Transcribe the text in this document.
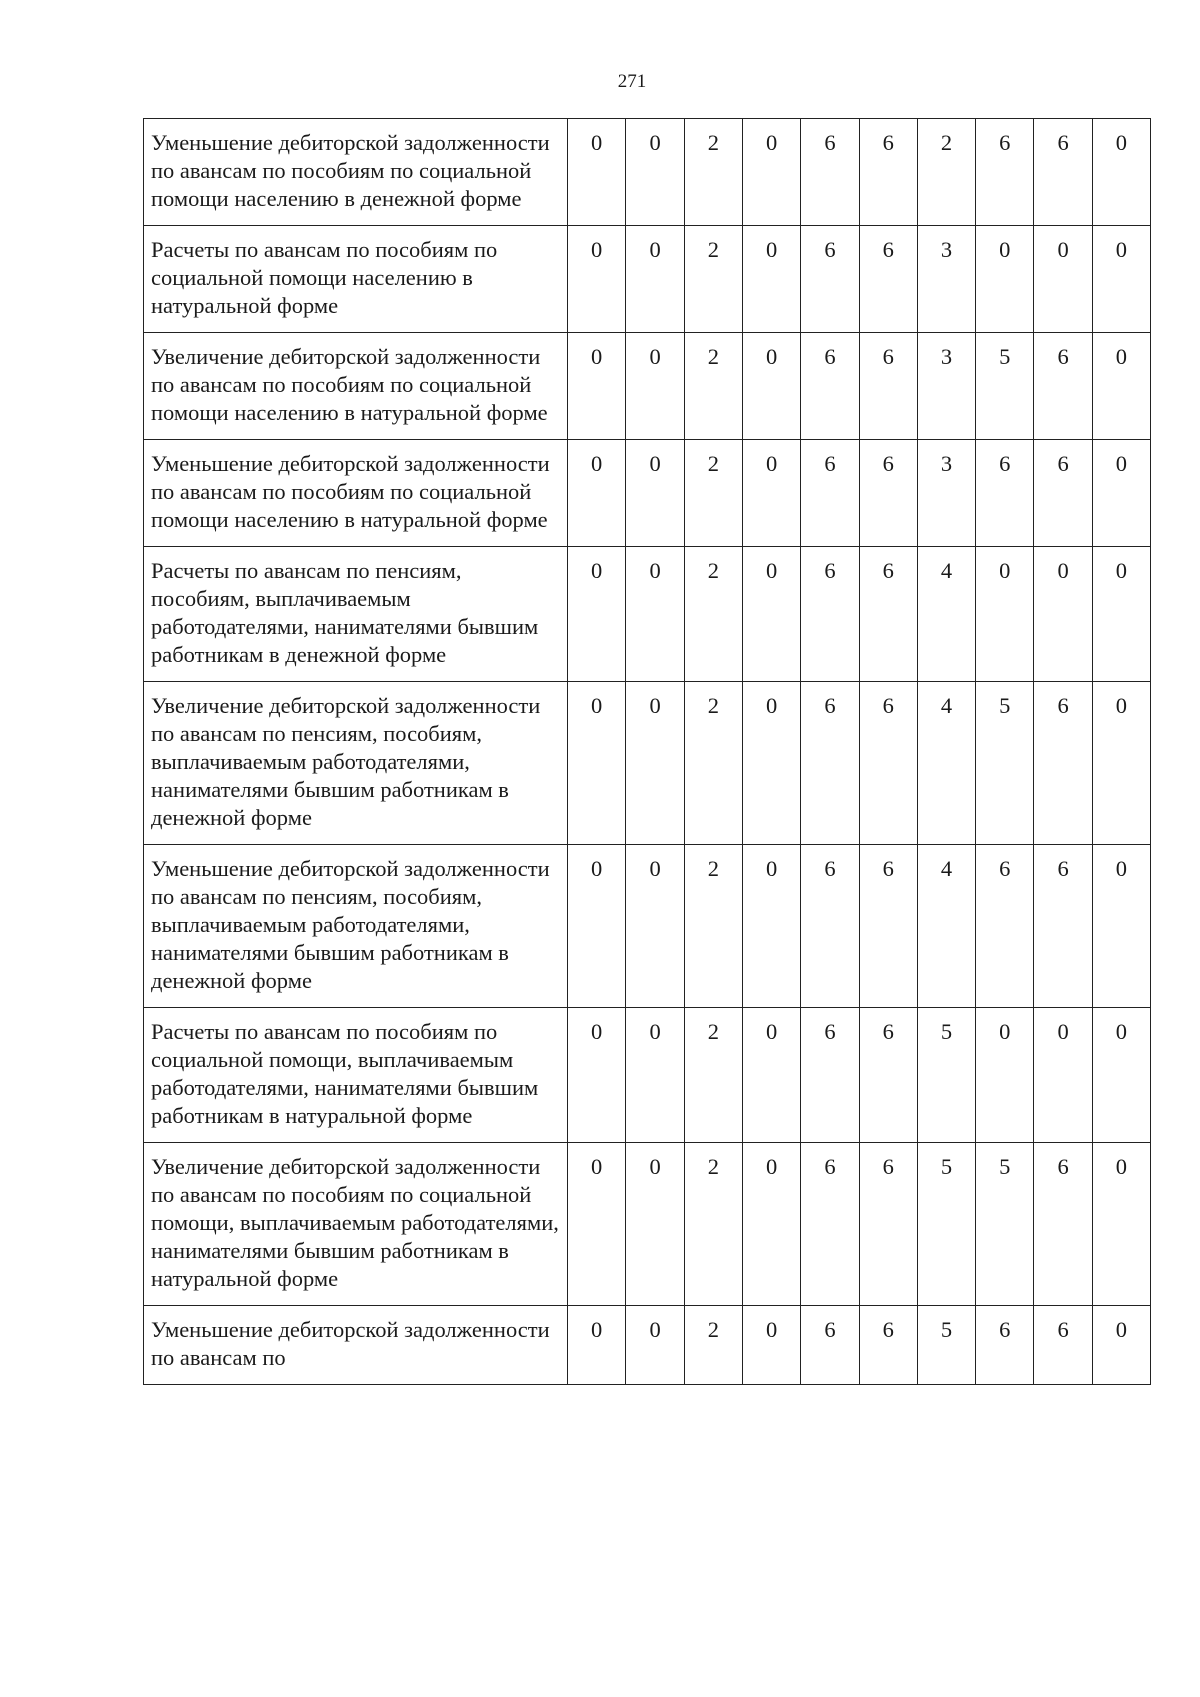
271
Уменьшение дебиторской задолженности по авансам по пособиям по социальной помощи населению в денежной форме	0	0	2	0	6	6	2	6	6	0
Расчеты по авансам по пособиям по социальной помощи населению в натуральной форме	0	0	2	0	6	6	3	0	0	0
Увеличение дебиторской задолженности по авансам по пособиям по социальной помощи населению в натуральной форме	0	0	2	0	6	6	3	5	6	0
Уменьшение дебиторской задолженности по авансам по пособиям по социальной помощи населению в натуральной форме	0	0	2	0	6	6	3	6	6	0
Расчеты по авансам по пенсиям, пособиям, выплачиваемым работодателями, нанимателями бывшим работникам в денежной форме	0	0	2	0	6	6	4	0	0	0
Увеличение дебиторской задолженности по авансам по пенсиям, пособиям, выплачиваемым работодателями, нанимателями бывшим работникам в денежной форме	0	0	2	0	6	6	4	5	6	0
Уменьшение дебиторской задолженности по авансам по пенсиям, пособиям, выплачиваемым работодателями, нанимателями бывшим работникам в денежной форме	0	0	2	0	6	6	4	6	6	0
Расчеты по авансам по пособиям по социальной помощи, выплачиваемым работодателями, нанимателями бывшим работникам в натуральной форме	0	0	2	0	6	6	5	0	0	0
Увеличение дебиторской задолженности по авансам по пособиям по социальной помощи, выплачиваемым работодателями, нанимателями бывшим работникам в натуральной форме	0	0	2	0	6	6	5	5	6	0
Уменьшение дебиторской задолженности по авансам по	0	0	2	0	6	6	5	6	6	0
